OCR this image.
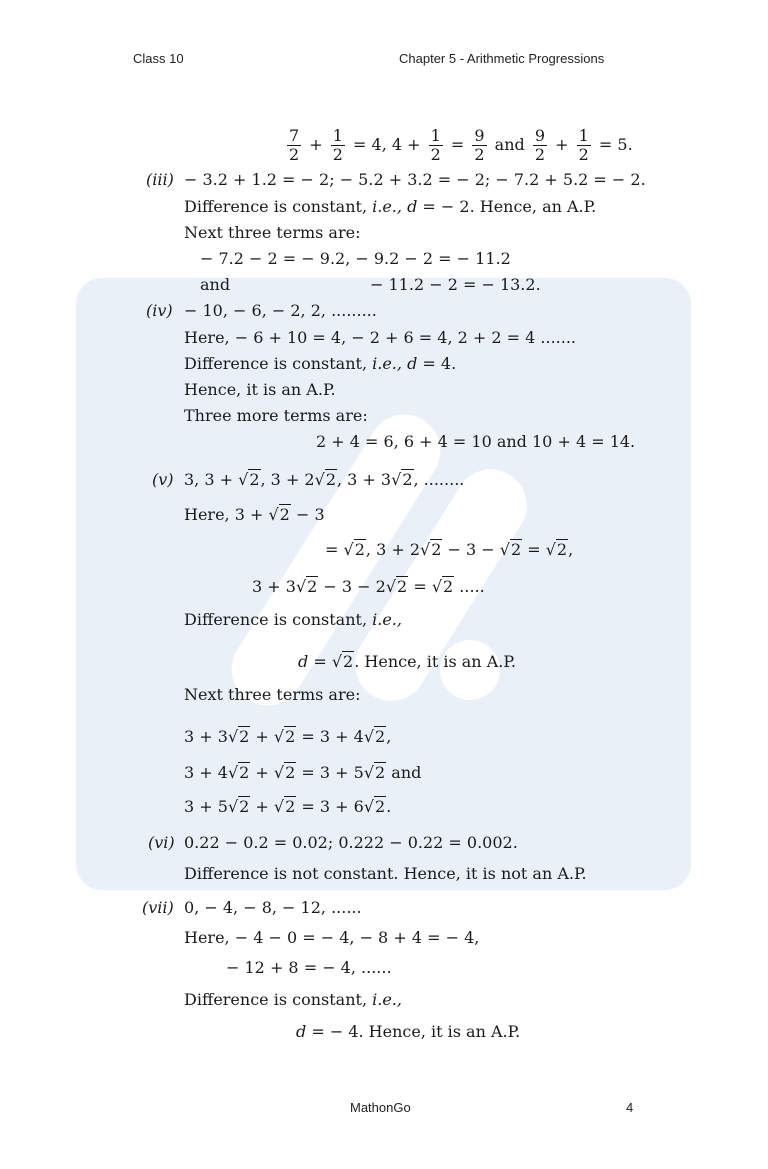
Class 10	Chapter 5 - Arithmetic Progressions
$\frac{7}{2} + \frac{1}{2} = 4$, $4 + \frac{1}{2} = \frac{9}{2}$ and $\frac{9}{2} + \frac{1}{2} = 5$.
(iii) − 3.2 + 1.2 = − 2; − 5.2 + 3.2 = − 2; − 7.2 + 5.2 = − 2.
Difference is constant, i.e., d = − 2. Hence, an A.P.
Next three terms are:
− 7.2 − 2 = − 9.2, − 9.2 − 2 = − 11.2
and	− 11.2 − 2 = − 13.2.
(iv) − 10, − 6, − 2, 2, .........
Here, − 6 + 10 = 4, − 2 + 6 = 4, 2 + 2 = 4 .......
Difference is constant, i.e., d = 4.
Hence, it is an A.P.
Three more terms are:
2 + 4 = 6, 6 + 4 = 10 and 10 + 4 = 14.
(v) 3, 3 + √2, 3 + 2√2, 3 + 3√2, ........
Here, 3 + √2 − 3
= √2, 3 + 2√2 − 3 − √2 = √2,
3 + 3√2 − 3 − 2√2 = √2 .....
Difference is constant, i.e.,
d = √2. Hence, it is an A.P.
Next three terms are:
3 + 3√2 + √2 = 3 + 4√2,
3 + 4√2 + √2 = 3 + 5√2 and
3 + 5√2 + √2 = 3 + 6√2.
(vi) 0.22 − 0.2 = 0.02; 0.222 − 0.22 = 0.002.
Difference is not constant. Hence, it is not an A.P.
(vii) 0, − 4, − 8, − 12, ......
Here, − 4 − 0 = − 4, − 8 + 4 = − 4,
− 12 + 8 = − 4, ......
Difference is constant, i.e.,
d = − 4. Hence, it is an A.P.
MathonGo	4
